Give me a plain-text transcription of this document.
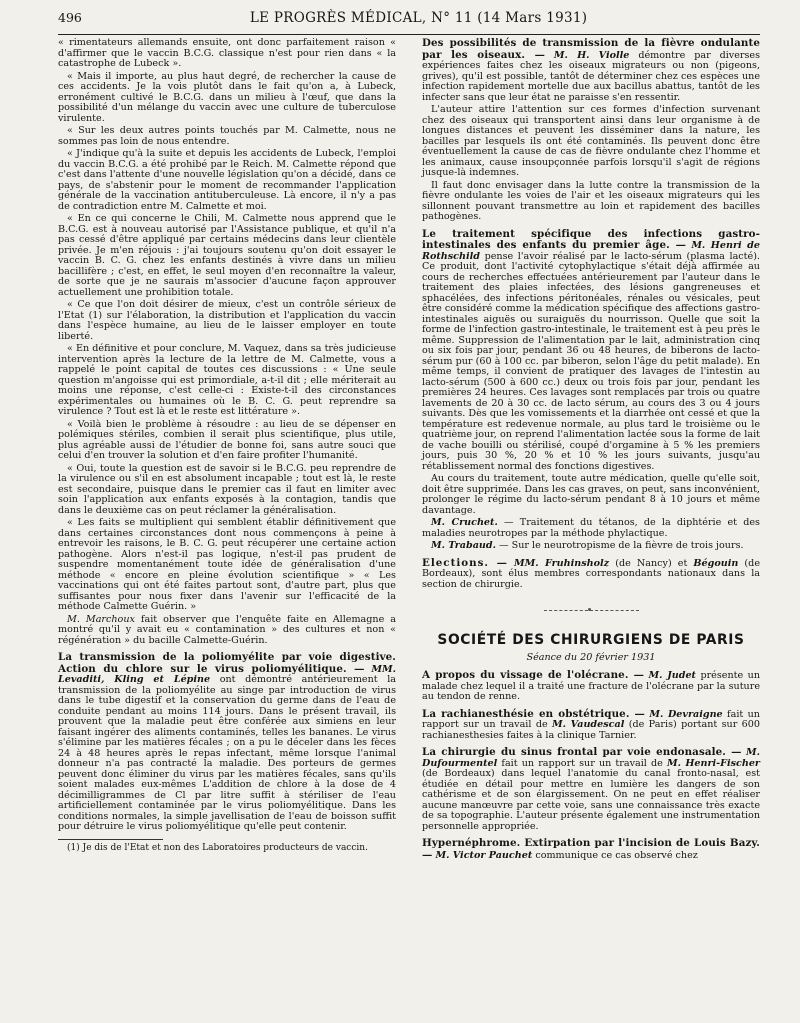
496	LE PROGRÈS MÉDICAL, N° 11 (14 Mars 1931)

« rimentateurs allemands ensuite, ont donc parfaitement raison « d'affirmer que le vaccin B.C.G. classique n'est pour rien dans « la catastrophe de Lubeck ».

« Mais il importe, au plus haut degré, de rechercher la cause de ces accidents. Je la vois plutôt dans le fait qu'on a, à Lubeck, erronément cultivé le B.C.G. dans un milieu à l'œuf, que dans la possibilité d'un mélange du vaccin avec une culture de tuberculose virulente.

« Sur les deux autres points touchés par M. Calmette, nous ne sommes pas loin de nous entendre.

« J'indique qu'à la suite et depuis les accidents de Lubeck, l'emploi du vaccin B.C.G. a été prohibé par le Reich. M. Calmette répond que c'est dans l'attente d'une nouvelle législation qu'on a décidé, dans ce pays, de s'abstenir pour le moment de recommander l'application générale de la vaccination antituberculeuse. Là encore, il n'y a pas de contradiction entre M. Calmette et moi.

« En ce qui concerne le Chili, M. Calmette nous apprend que le B.C.G. est à nouveau autorisé par l'Assistance publique, et qu'il n'a pas cessé d'être appliqué par certains médecins dans leur clientèle privée. Je m'en réjouis : j'ai toujours soutenu qu'on doit essayer le vaccin B. C. G. chez les enfants destinés à vivre dans un milieu bacillifère ; c'est, en effet, le seul moyen d'en reconnaître la valeur, de sorte que je ne saurais m'associer d'aucune façon approuver actuellement une prohibition totale.

« Ce que l'on doit désirer de mieux, c'est un contrôle sérieux de l'Etat (1) sur l'élaboration, la distribution et l'application du vaccin dans l'espèce humaine, au lieu de le laisser employer en toute liberté.

« En définitive et pour conclure, M. Vaquez, dans sa très judicieuse intervention après la lecture de la lettre de M. Calmette, vous a rappelé le point capital de toutes ces discussions : « Une seule question m'angoisse qui est primordiale, a-t-il dit ; elle mériterait au moins une réponse, c'est celle-ci : Existe-t-il des circonstances expérimentales ou humaines où le B. C. G. peut reprendre sa virulence ? Tout est là et le reste est littérature ».

« Voilà bien le problème à résoudre : au lieu de se dépenser en polémiques stériles, combien il serait plus scientifique, plus utile, plus agréable aussi de l'étudier de bonne foi, sans autre souci que celui d'en trouver la solution et d'en faire profiter l'humanité.

« Oui, toute la question est de savoir si le B.C.G. peu reprendre de la virulence ou s'il en est absolument incapable ; tout est là, le reste est secondaire, puisque dans le premier cas il faut en limiter avec soin l'application aux enfants exposés à la contagion, tandis que dans le deuxième cas on peut réclamer la généralisation.

« Les faits se multiplient qui semblent établir définitivement que dans certaines circonstances dont nous commençons à peine à entrevoir les raisons, le B. C. G. peut récupérer une certaine action pathogène. Alors n'est-il pas logique, n'est-il pas prudent de suspendre momentanément toute idée de généralisation d'une méthode « encore en pleine évolution scientifique » « Les vaccinations qui ont été faites partout sont, d'autre part, plus que suffisantes pour nous fixer dans l'avenir sur l'efficacité de la méthode Calmette Guérin. »

M. Marchoux fait observer que l'enquête faite en Allemagne a montré qu'il y avait eu « contamination » des cultures et non « régénération » du bacille Calmette-Guérin.

La transmission de la poliomyélite par voie digestive. Action du chlore sur le virus poliomyélitique. — MM. Levaditi, Kling et Lépine ont démontré antérieurement la transmission de la poliomyélite au singe par introduction de virus dans le tube digestif et la conservation du germe dans de l'eau de conduite pendant au moins 114 jours. Dans le présent travail, ils prouvent que la maladie peut être conférée aux simiens en leur faisant ingérer des aliments contaminés, telles les bananes. Le virus s'élimine par les matières fécales ; on a pu le déceler dans les fèces 24 à 48 heures après le repas infectant, même lorsque l'animal donneur n'a pas contracté la maladie. Des porteurs de germes peuvent donc éliminer du virus par les matières fécales, sans qu'ils soient malades eux-mêmes L'addition de chlore à la dose de 4 décimilligrammes de Cl par litre suffit à stériliser de l'eau artificiellement contaminée par le virus poliomyélitique. Dans les conditions normales, la simple javellisation de l'eau de boisson suffit pour détruire le virus poliomyélitique qu'elle peut contenir.

(1) Je dis de l'Etat et non des Laboratoires producteurs de vaccin.

Des possibilités de transmission de la fièvre ondulante par les oiseaux. — M. H. Violle démontre par diverses expériences faites chez les oiseaux migrateurs ou non (pigeons, grives), qu'il est possible, tantôt de déterminer chez ces espèces une infection rapidement mortelle due aux bacillus abattus, tantôt de les infecter sans que leur état ne paraisse s'en ressentir.

L'auteur attire l'attention sur ces formes d'infection survenant chez des oiseaux qui transportent ainsi dans leur organisme à de longues distances et peuvent les disséminer dans la nature, les bacilles par lesquels ils ont été contaminés. Ils peuvent donc être éventuellement la cause de cas de fièvre ondulante chez l'homme et les animaux, cause insoupçonnée parfois lorsqu'il s'agit de régions jusque-là indemnes.

Il faut donc envisager dans la lutte contre la transmission de la fièvre ondulante les voies de l'air et les oiseaux migrateurs qui les sillonnent pouvant transmettre au loin et rapidement des bacilles pathogènes.

Le traitement spécifique des infections gastro-intestinales des enfants du premier âge. — M. Henri de Rothschild pense l'avoir réalisé par le lacto-sérum (plasma lacté). Ce produit, dont l'activité cytophylactique s'était déjà affirmée au cours de recherches effectuées antérieurement par l'auteur dans le traitement des plaies infectées, des lésions gangreneuses et sphacélées, des infections péritonéales, rénales ou vésicales, peut être considéré comme la médication spécifique des affections gastro-intestinales aiguës ou suraiguës du nourrisson. Quelle que soit la forme de l'infection gastro-intestinale, le traitement est à peu près le même. Suppression de l'alimentation par le lait, administration cinq ou six fois par jour, pendant 36 ou 48 heures, de biberons de lacto-sérum pur (60 à 100 cc. par biberon, selon l'âge du petit malade). En même temps, il convient de pratiquer des lavages de l'intestin au lacto-sérum (500 à 600 cc.) deux ou trois fois par jour, pendant les premières 24 heures. Ces lavages sont remplacés par trois ou quatre lavements de 20 à 30 cc. de lacto sérum, au cours des 3 ou 4 jours suivants. Dès que les vomissements et la diarrhée ont cessé et que la température est redevenue normale, au plus tard le troisième ou le quatrième jour, on reprend l'alimentation lactée sous la forme de lait de vache bouilli ou stérilisé, coupé d'orgamine à 5 % les premiers jours, puis 30 %, 20 % et 10 % les jours suivants, jusqu'au rétablissement normal des fonctions digestives.

Au cours du traitement, toute autre médication, quelle qu'elle soit, doit être supprimée. Dans les cas graves, on peut, sans inconvénient, prolonger le régime du lacto-sérum pendant 8 à 10 jours et même davantage.

M. Cruchet. — Traitement du tétanos, de la diphtérie et des maladies neurotropes par la méthode phylactique.

M. Trabaud. — Sur le neurotropisme de la fièvre de trois jours.

Elections. — MM. Fruhinsholz (de Nancy) et Bégouin (de Bordeaux), sont élus membres correspondants nationaux dans la section de chirurgie.

SOCIÉTÉ DES CHIRURGIENS DE PARIS
Séance du 20 février 1931

A propos du vissage de l'olécrane. — M. Judet présente un malade chez lequel il a traité une fracture de l'olécrane par la suture au tendon de renne.

La rachianesthésie en obstétrique. — M. Devraigne fait un rapport sur un travail de M. Vaudescal (de Paris) portant sur 600 rachianesthesies faites à la clinique Tarnier.

La chirurgie du sinus frontal par voie endonasale. — M. Dufourmentel fait un rapport sur un travail de M. Henri-Fischer (de Bordeaux) dans lequel l'anatomie du canal fronto-nasal, est étudiée en détail pour mettre en lumière les dangers de son cathérisme et de son élargissement. On ne peut en effet réaliser aucune manœuvre par cette voie, sans une connaissance très exacte de sa topographie. L'auteur présente également une instrumentation personnelle appropriée.

Hypernéphrome. Extirpation par l'incision de Louis Bazy. — M. Victor Pauchet communique ce cas observé chez
